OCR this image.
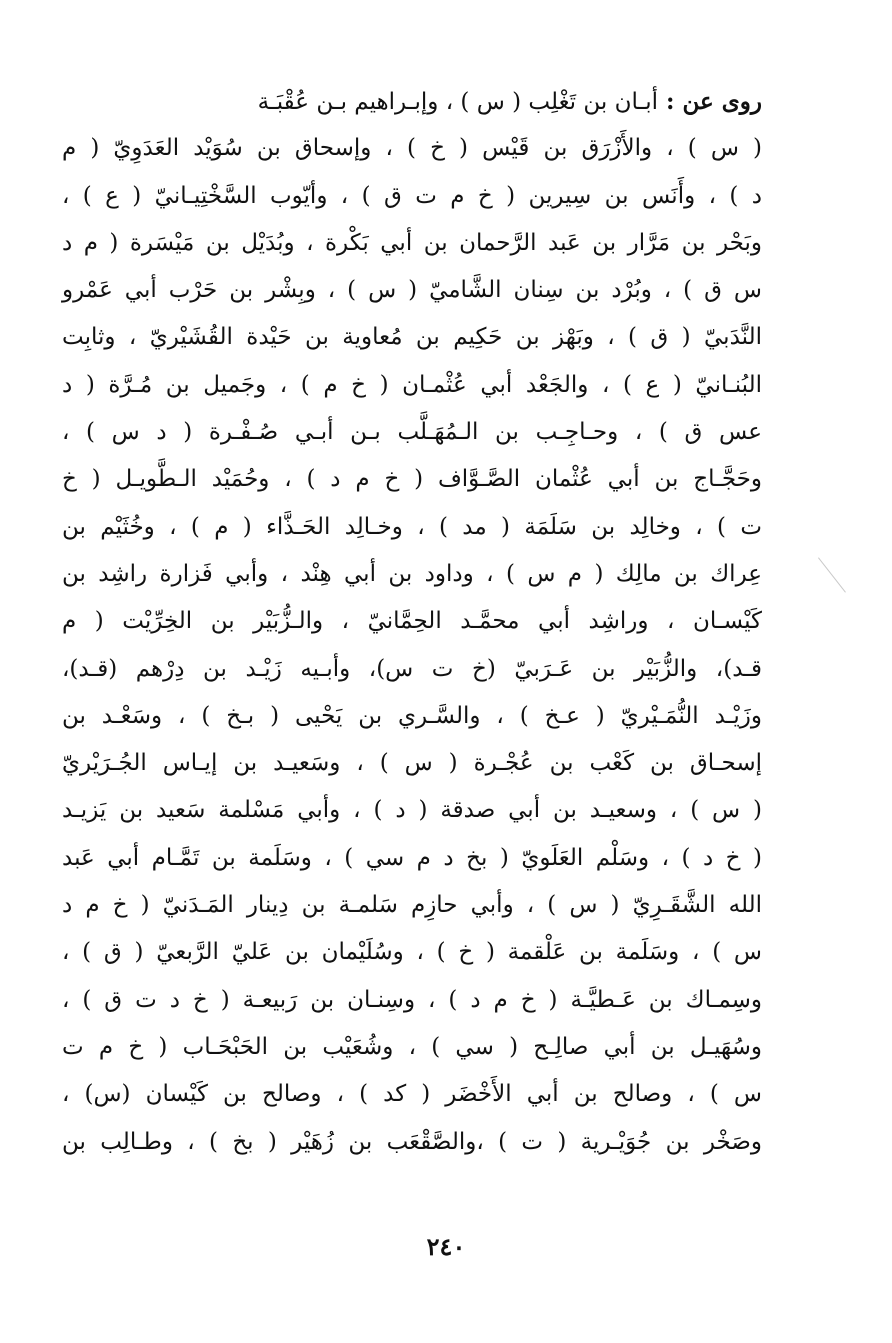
روى عن :أبـان بن تَغْلِب ( س ) ، وإبـراهيم بـن عُقْبَـة
( س ) ، والأَزْرَق بن قَيْس ( خ ) ، وإسحاق بن سُوَيْد العَدَوِيّ ( م
د ) ، وأَنَس بن سِيرين ( خ م ت ق ) ، وأيّوب السَّخْتِيـانيّ ( ع ) ،
وبَحْر بن مَرَّار بن عَبد الرَّحمان بن أبي بَكْرة ، وبُدَيْل بن مَيْسَرة ( م د
س ق ) ، وبُرْد بن سِنان الشَّاميّ ( س ) ، وبِشْر بن حَرْب أبي عَمْرو
النَّدَبيّ ( ق ) ، وبَهْز بن حَكِيم بن مُعاوية بن حَيْدة القُشَيْريّ ، وثابِت
البُنـانيّ ( ع ) ، والجَعْد أبي عُثْمـان ( خ م ) ، وجَميل بن مُـرَّة ( د
عس ق ) ، وحـاجِـب بن الـمُهَـلَّب بـن أبـي صُـفْـرة ( د س ) ،
وحَجَّـاج بن أبي عُثْمان الصَّـوَّاف ( خ م د ) ، وحُمَيْد الـطَّويـل ( خ
ت ) ، وخالِد بن سَلَمَة ( مد ) ، وخـالِد الحَـذَّاء ( م ) ، وخُثَيْم بن
عِراك بن مالِك ( م س ) ، وداود بن أبي هِنْد ، وأبي فَزارة راشِد بن
كَيْسـان ، وراشِد أبي محمَّـد الحِمَّانيّ ، والـزُّبَيْر بن الخِرِّيْت ( م
قـد)، والزُّبَيْر بن عَـرَبيّ (خ ت س)، وأبـيه زَيْـد بن دِرْهم (قـد)،
وزَيْـد النُّمَـيْريّ ( عـخ ) ، والسَّـري بن يَحْيى ( بـخ ) ، وسَعْـد بن
إسحـاق بن كَعْب بن عُجْـرة ( س ) ، وسَعيـد بن إيـاس الجُـرَيْريّ
( س ) ، وسعيـد بن أبي صدقة ( د ) ، وأبي مَسْلمة سَعيد بن يَزيـد
( خ د ) ، وسَلْم العَلَويّ ( بخ د م سي ) ، وسَلَمة بن تَمَّـام أبي عَبد
الله الشَّقَـرِيّ ( س ) ، وأبي حازِم سَلمـة بن دِينار المَـدَنيّ ( خ م د
س ) ، وسَلَمة بن عَلْقمة ( خ ) ، وسُلَيْمان بن عَليّ الرَّبعيّ ( ق ) ،
وسِمـاك بن عَـطيَّـة ( خ م د ) ، وسِنـان بن رَبيعـة ( خ د ت ق ) ،
وسُهَيـل بن أبي صالِـح ( سي ) ، وشُعَيْب بن الحَبْحَـاب ( خ م ت
س ) ، وصالح بن أبي الأَخْضَر ( كد ) ، وصالح بن كَيْسان (س) ،
وصَخْر بن جُوَيْـرية ( ت ) ،والصَّقْعَب بن زُهَيْر ( بخ ) ، وطـالِب بن
٢٤٠
